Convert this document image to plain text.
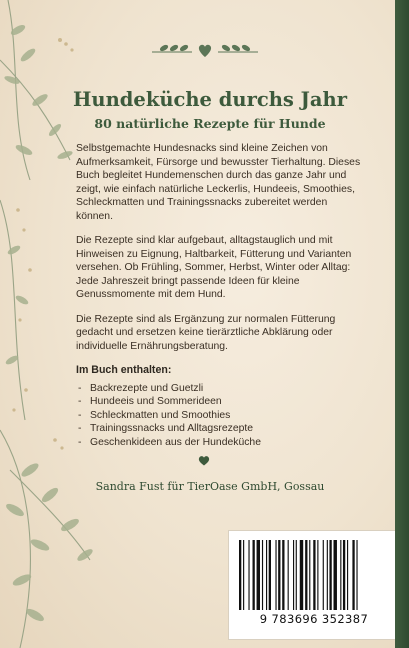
Hundeküche durchs Jahr
80 natürliche Rezepte für Hunde

Selbstgemachte Hundesnacks sind kleine Zeichen von Aufmerksamkeit, Fürsorge und bewusster Tierhaltung. Dieses Buch begleitet Hundemenschen durch das ganze Jahr und zeigt, wie einfach natürliche Leckerlis, Hundeeis, Smoothies, Schleckmatten und Trainingssnacks zubereitet werden können.

Die Rezepte sind klar aufgebaut, alltagstauglich und mit Hinweisen zu Eignung, Haltbarkeit, Fütterung und Varianten versehen. Ob Frühling, Sommer, Herbst, Winter oder Alltag: Jede Jahreszeit bringt passende Ideen für kleine Genussmomente mit dem Hund.

Die Rezepte sind als Ergänzung zur normalen Fütterung gedacht und ersetzen keine tierärztliche Abklärung oder individuelle Ernährungsberatung.

Im Buch enthalten:
- Backrezepte und Guetzli
- Hundeeis und Sommerideen
- Schleckmatten und Smoothies
- Trainingssnacks und Alltagsrezepte
- Geschenkideen aus der Hundeküche
Sandra Fust für TierOase GmbH, Gossau
9 783696 352387
